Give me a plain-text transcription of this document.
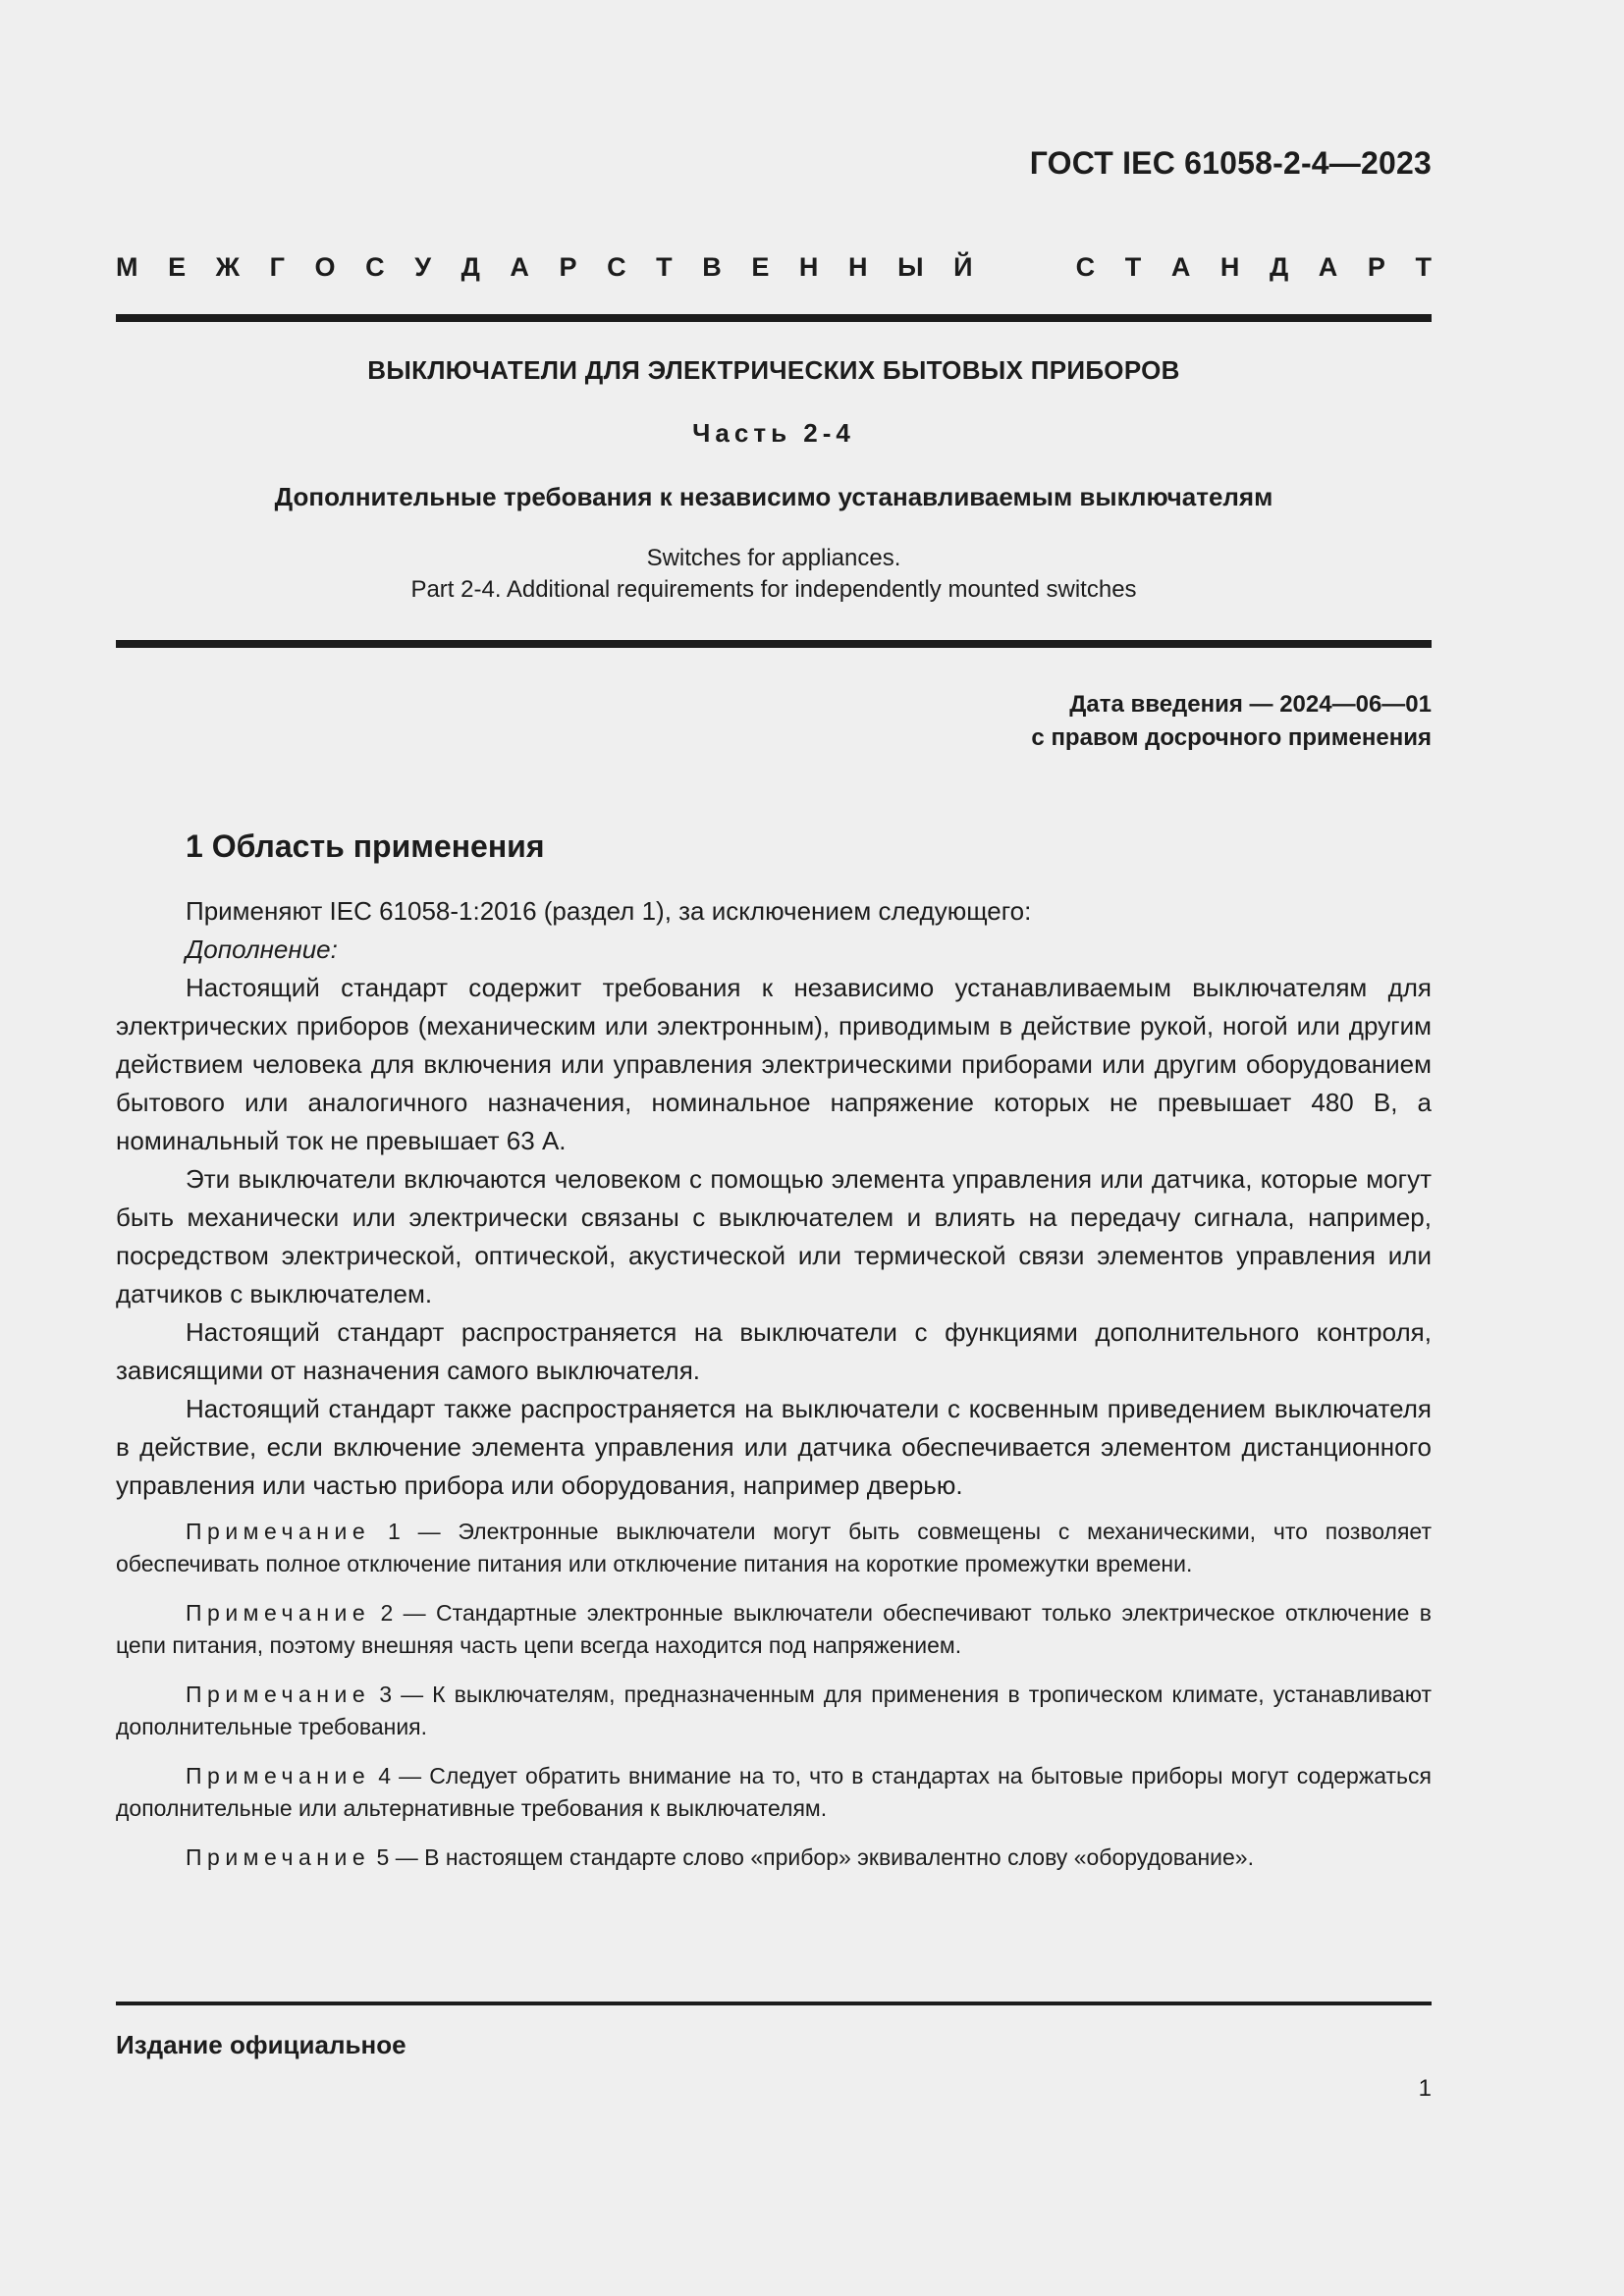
ГОСТ IEC 61058-2-4—2023
М Е Ж Г О С У Д А Р С Т В Е Н Н Ы Й	С Т А Н Д А Р Т
ВЫКЛЮЧАТЕЛИ ДЛЯ ЭЛЕКТРИЧЕСКИХ БЫТОВЫХ ПРИБОРОВ
Часть 2-4
Дополнительные требования к независимо устанавливаемым выключателям
Switches for appliances.
Part 2-4. Additional requirements for independently mounted switches
Дата введения — 2024—06—01
с правом досрочного применения
1 Область применения

Применяют IEC 61058-1:2016 (раздел 1), за исключением следующего:

Дополнение:

Настоящий стандарт содержит требования к независимо устанавливаемым выключателям для электрических приборов (механическим или электронным), приводимым в действие рукой, ногой или другим действием человека для включения или управления электрическими приборами или другим оборудованием бытового или аналогичного назначения, номинальное напряжение которых не превышает 480 В, а номинальный ток не превышает 63 А.

Эти выключатели включаются человеком с помощью элемента управления или датчика, которые могут быть механически или электрически связаны с выключателем и влиять на передачу сигнала, например, посредством электрической, оптической, акустической или термической связи элементов управления или датчиков с выключателем.

Настоящий стандарт распространяется на выключатели с функциями дополнительного контроля, зависящими от назначения самого выключателя.

Настоящий стандарт также распространяется на выключатели с косвенным приведением выключателя в действие, если включение элемента управления или датчика обеспечивается элементом дистанционного управления или частью прибора или оборудования, например дверью.

Примечание 1 — Электронные выключатели могут быть совмещены с механическими, что позволяет обеспечивать полное отключение питания или отключение питания на короткие промежутки времени.

Примечание 2 — Стандартные электронные выключатели обеспечивают только электрическое отключение в цепи питания, поэтому внешняя часть цепи всегда находится под напряжением.

Примечание 3 — К выключателям, предназначенным для применения в тропическом климате, устанавливают дополнительные требования.

Примечание 4 — Следует обратить внимание на то, что в стандартах на бытовые приборы могут содержаться дополнительные или альтернативные требования к выключателям.

Примечание 5 — В настоящем стандарте слово «прибор» эквивалентно слову «оборудование».

Издание официальное
1
